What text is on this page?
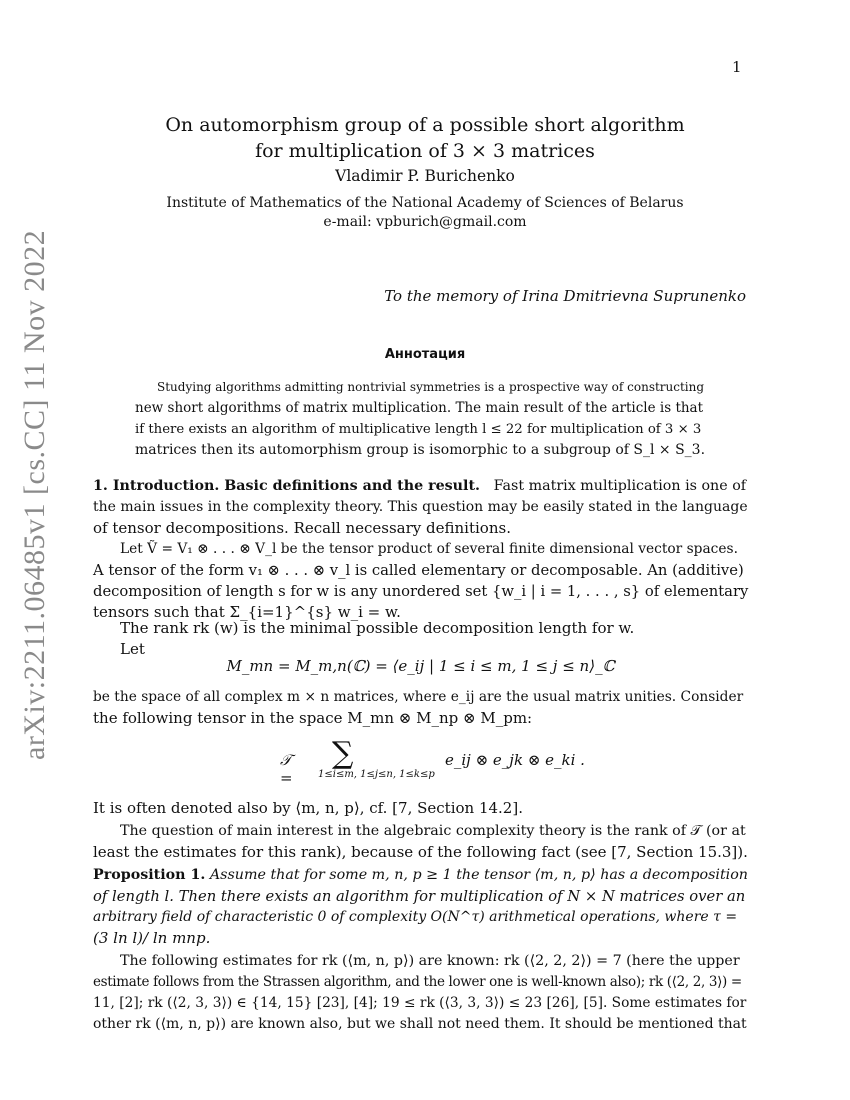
1
arXiv:2211.06485v1 [cs.CC] 11 Nov 2022
On automorphism group of a possible short algorithm
for multiplication of 3 × 3 matrices
Vladimir P. Burichenko
Institute of Mathematics of the National Academy of Sciences of Belarus
e-mail: vpburich@gmail.com
To the memory of Irina Dmitrievna Suprunenko
Аннотация
Studying algorithms admitting nontrivial symmetries is a prospective way of constructing
new short algorithms of matrix multiplication. The main result of the article is that
if there exists an algorithm of multiplicative length l ≤ 22 for multiplication of 3 × 3
matrices then its automorphism group is isomorphic to a subgroup of S_l × S_3.
1. Introduction. Basic definitions and the result. Fast matrix multiplication is one of
the main issues in the complexity theory. This question may be easily stated in the language
of tensor decompositions. Recall necessary definitions.
Let Ṽ = V₁ ⊗ . . . ⊗ V_l be the tensor product of several finite dimensional vector spaces.
A tensor of the form v₁ ⊗ . . . ⊗ v_l is called elementary or decomposable. An (additive)
decomposition of length s for w is any unordered set {w_i | i = 1, . . . , s} of elementary
tensors such that Σ_{i=1}^{s} w_i = w.
The rank rk (w) is the minimal possible decomposition length for w.
Let
M_mn = M_m,n(ℂ) = ⟨e_ij | 1 ≤ i ≤ m, 1 ≤ j ≤ n⟩_ℂ
be the space of all complex m × n matrices, where e_ij are the usual matrix unities. Consider
the following tensor in the space M_mn ⊗ M_np ⊗ M_pm:
𝒯 =
∑
1≤i≤m, 1≤j≤n, 1≤k≤p
e_ij ⊗ e_jk ⊗ e_ki .
It is often denoted also by ⟨m, n, p⟩, cf. [7, Section 14.2].
The question of main interest in the algebraic complexity theory is the rank of 𝒯 (or at
least the estimates for this rank), because of the following fact (see [7, Section 15.3]).
Proposition 1. Assume that for some m, n, p ≥ 1 the tensor ⟨m, n, p⟩ has a decomposition
of length l. Then there exists an algorithm for multiplication of N × N matrices over an
arbitrary field of characteristic 0 of complexity O(N^τ) arithmetical operations, where τ =
(3 ln l)/ ln mnp.
The following estimates for rk (⟨m, n, p⟩) are known: rk (⟨2, 2, 2⟩) = 7 (here the upper
estimate follows from the Strassen algorithm, and the lower one is well-known also); rk (⟨2, 2, 3⟩) =
11, [2]; rk (⟨2, 3, 3⟩) ∈ {14, 15} [23], [4]; 19 ≤ rk (⟨3, 3, 3⟩) ≤ 23 [26], [5]. Some estimates for
other rk (⟨m, n, p⟩) are known also, but we shall not need them. It should be mentioned that
